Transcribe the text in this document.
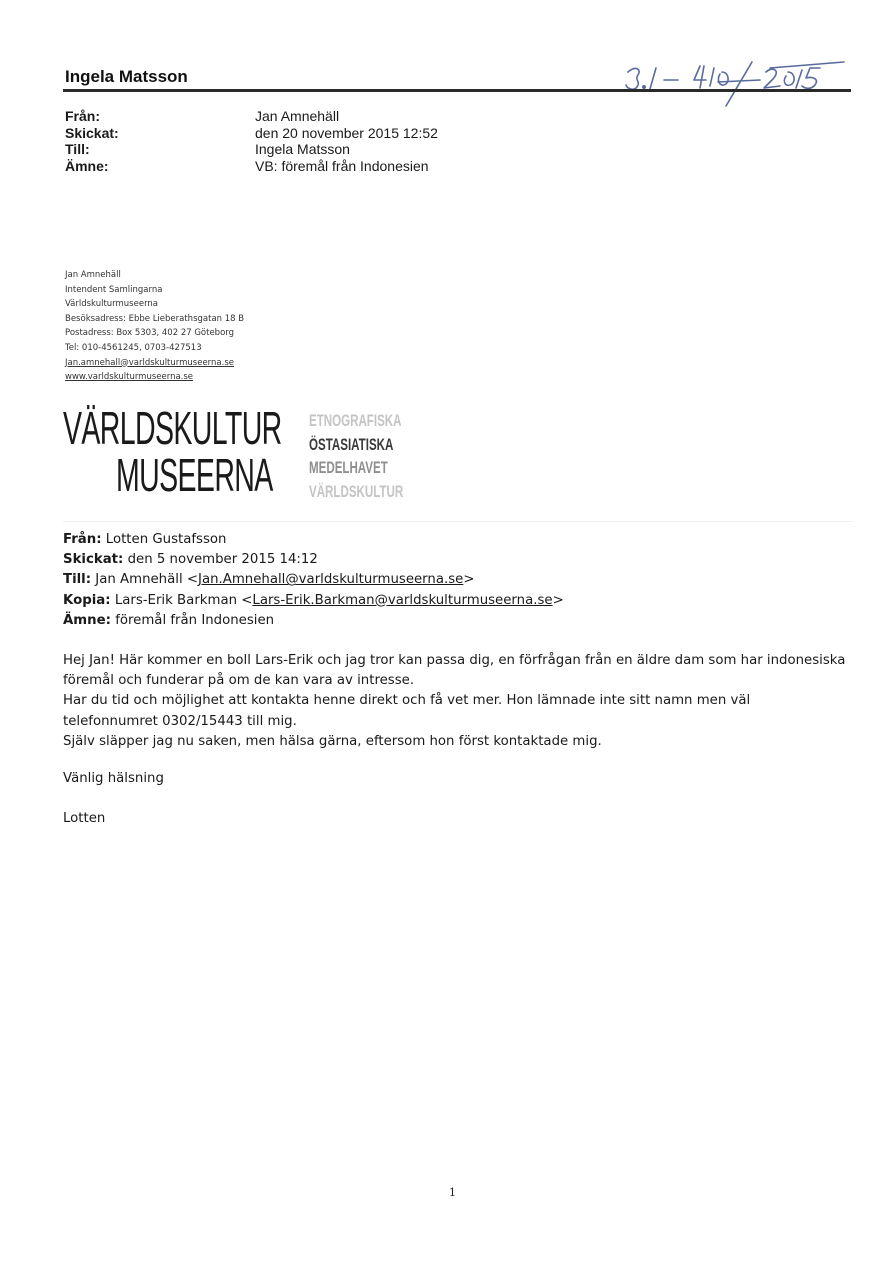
Ingela Matsson
Från:	Jan Amnehäll
Skickat:	den 20 november 2015 12:52
Till:	Ingela Matsson
Ämne:	VB: föremål från Indonesien
Jan Amnehäll
Intendent Samlingarna
Världskulturmuseerna
Besöksadress: Ebbe Lieberathsgatan 18 B
Postadress: Box 5303, 402 27 Göteborg
Tel: 010-4561245, 0703-427513
Jan.amnehall@varldskulturmuseerna.se
www.varldskulturmuseerna.se
VÄRLDSKULTUR
MUSEERNA
ETNOGRAFISKA
ÖSTASIATISKA
MEDELHAVET
VÄRLDSKULTUR
Från: Lotten Gustafsson
Skickat: den 5 november 2015 14:12
Till: Jan Amnehäll <Jan.Amnehall@varldskulturmuseerna.se>
Kopia: Lars-Erik Barkman <Lars-Erik.Barkman@varldskulturmuseerna.se>
Ämne: föremål från Indonesien

Hej Jan! Här kommer en boll Lars-Erik och jag tror kan passa dig, en förfrågan från en äldre dam som har indonesiska

föremål och funderar på om de kan vara av intresse.

Har du tid och möjlighet att kontakta henne direkt och få vet mer. Hon lämnade inte sitt namn men väl

telefonnumret 0302/15443 till mig.

Själv släpper jag nu saken, men hälsa gärna, eftersom hon först kontaktade mig.

Vänlig hälsning
Lotten
1
